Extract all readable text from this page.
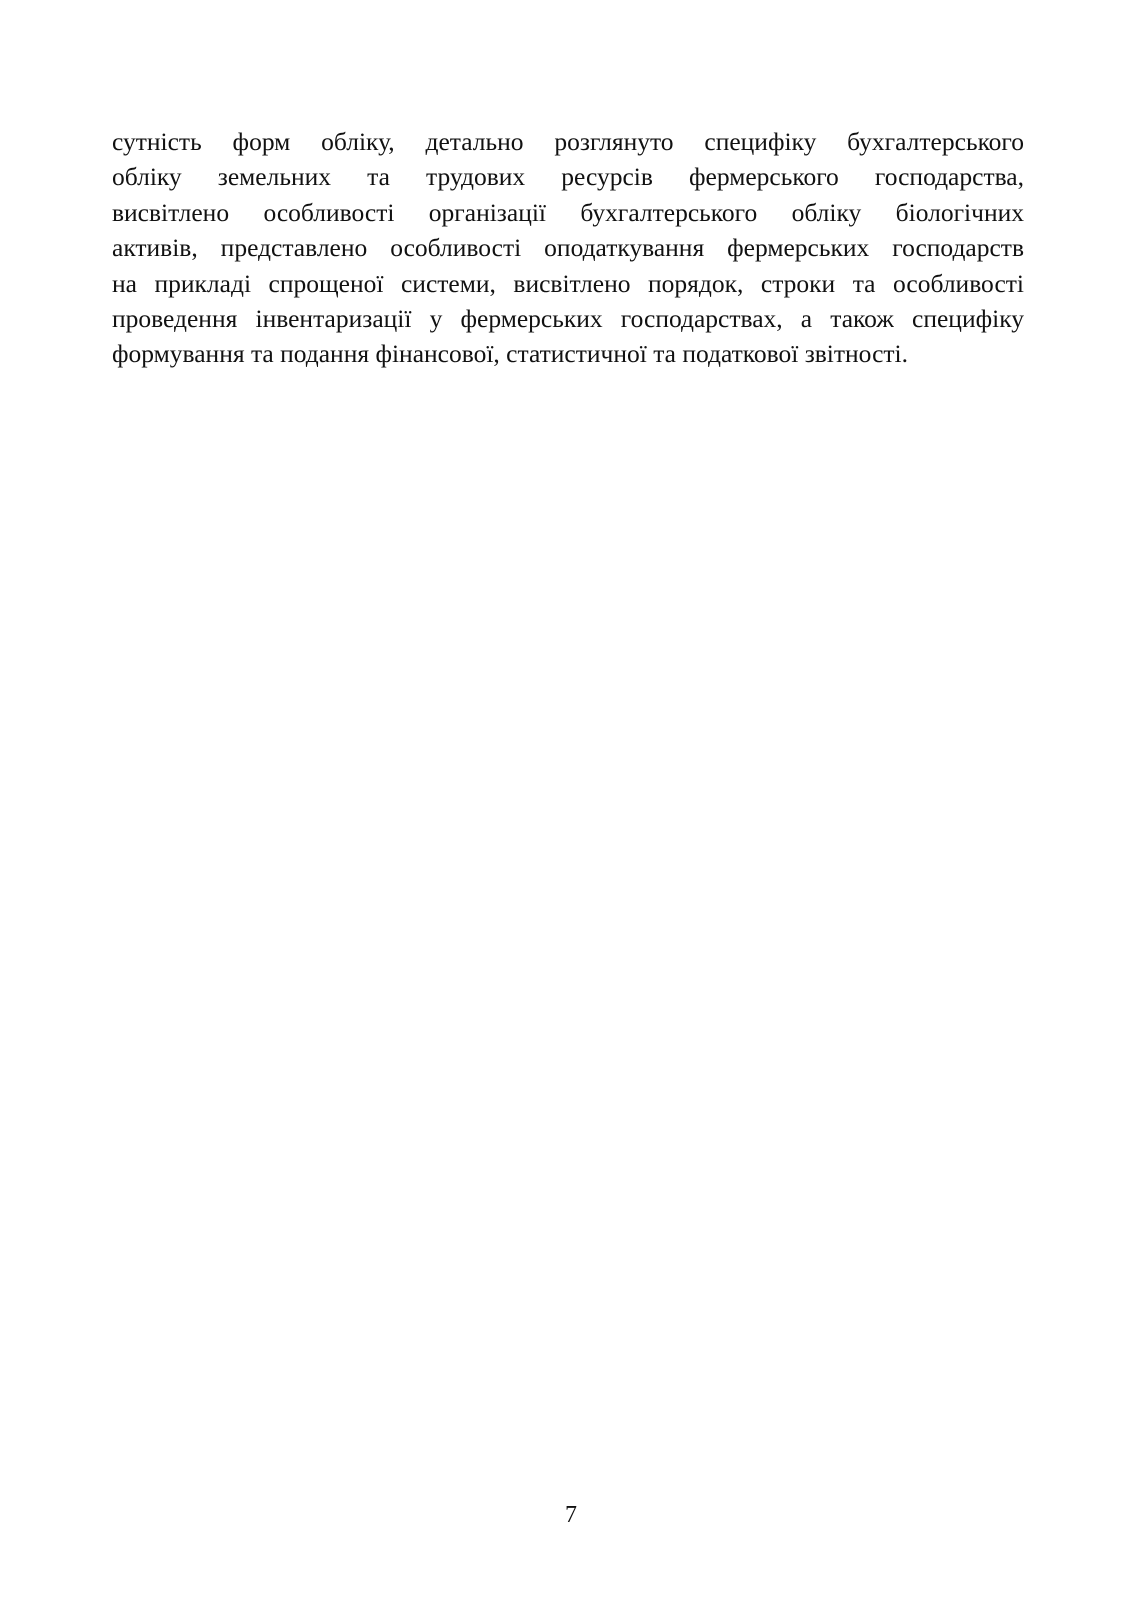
сутність форм обліку, детально розглянуто специфіку бухгалтерського
обліку земельних та трудових ресурсів фермерського господарства,
висвітлено особливості організації бухгалтерського обліку біологічних
активів, представлено особливості оподаткування фермерських господарств
на прикладі спрощеної системи, висвітлено порядок, строки та особливості
проведення інвентаризації у фермерських господарствах, а також специфіку
формування та подання фінансової, статистичної та податкової звітності.

7
